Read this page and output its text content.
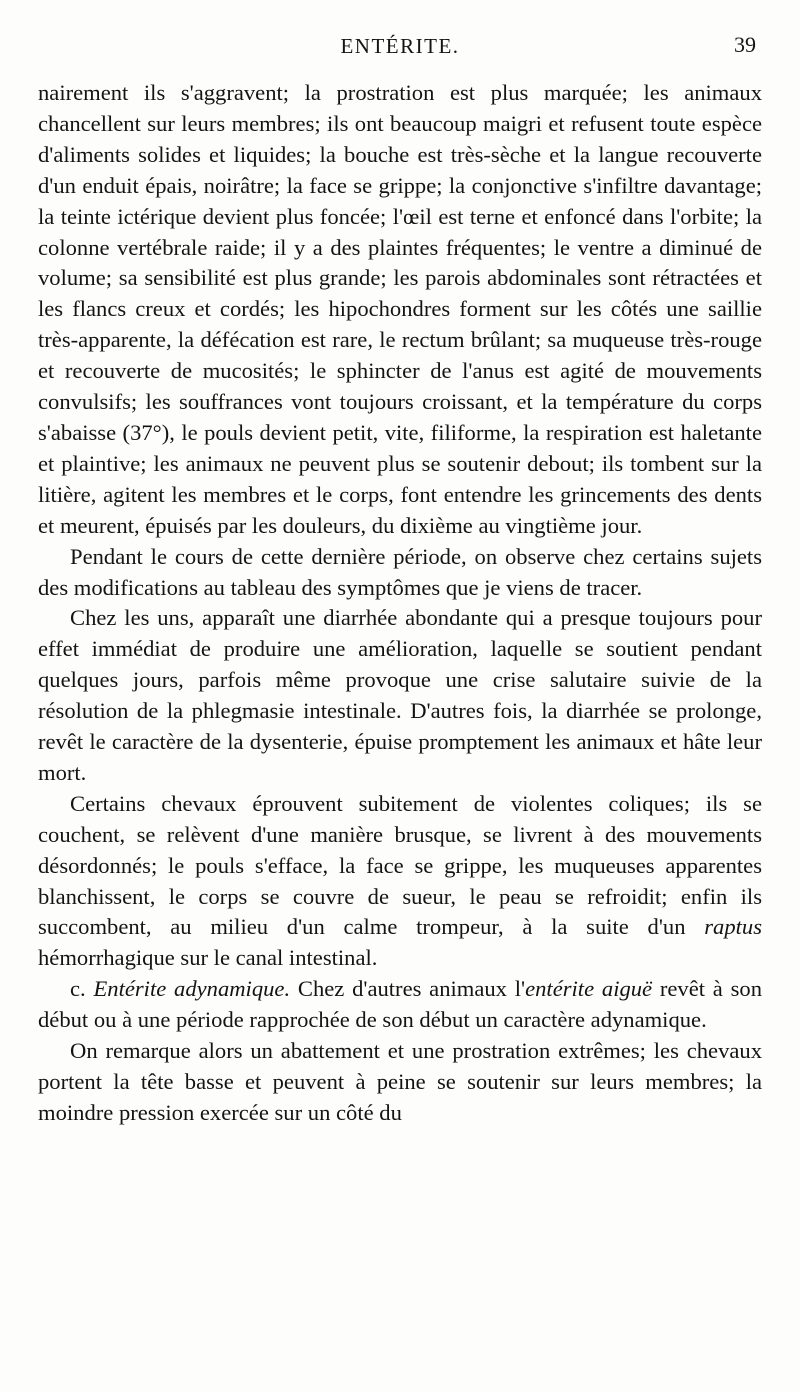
ENTÉRITE.	39

nairement ils s'aggravent; la prostration est plus marquée; les animaux chancellent sur leurs membres; ils ont beaucoup maigri et refusent toute espèce d'aliments solides et liquides; la bouche est très-sèche et la langue recouverte d'un enduit épais, noirâtre; la face se grippe; la conjonctive s'infiltre davantage; la teinte ictérique devient plus foncée; l'œil est terne et enfoncé dans l'orbite; la colonne vertébrale raide; il y a des plaintes fréquentes; le ventre a diminué de volume; sa sensibilité est plus grande; les parois abdominales sont rétractées et les flancs creux et cordés; les hipochondres forment sur les côtés une saillie très-apparente, la défécation est rare, le rectum brûlant; sa muqueuse très-rouge et recouverte de mucosités; le sphincter de l'anus est agité de mouvements convulsifs; les souffrances vont toujours croissant, et la température du corps s'abaisse (37°), le pouls devient petit, vite, filiforme, la respiration est haletante et plaintive; les animaux ne peuvent plus se soutenir debout; ils tombent sur la litière, agitent les membres et le corps, font entendre les grincements des dents et meurent, épuisés par les douleurs, du dixième au vingtième jour.

Pendant le cours de cette dernière période, on observe chez certains sujets des modifications au tableau des symptômes que je viens de tracer.

Chez les uns, apparaît une diarrhée abondante qui a presque toujours pour effet immédiat de produire une amélioration, laquelle se soutient pendant quelques jours, parfois même provoque une crise salutaire suivie de la résolution de la phlegmasie intestinale. D'autres fois, la diarrhée se prolonge, revêt le caractère de la dysenterie, épuise promptement les animaux et hâte leur mort.

Certains chevaux éprouvent subitement de violentes coliques; ils se couchent, se relèvent d'une manière brusque, se livrent à des mouvements désordonnés; le pouls s'efface, la face se grippe, les muqueuses apparentes blanchissent, le corps se couvre de sueur, le peau se refroidit; enfin ils succombent, au milieu d'un calme trompeur, à la suite d'un raptus hémorrhagique sur le canal intestinal.

c. Entérite adynamique. Chez d'autres animaux l'entérite aiguë revêt à son début ou à une période rapprochée de son début un caractère adynamique.

On remarque alors un abattement et une prostration extrêmes; les chevaux portent la tête basse et peuvent à peine se soutenir sur leurs membres; la moindre pression exercée sur un côté du
